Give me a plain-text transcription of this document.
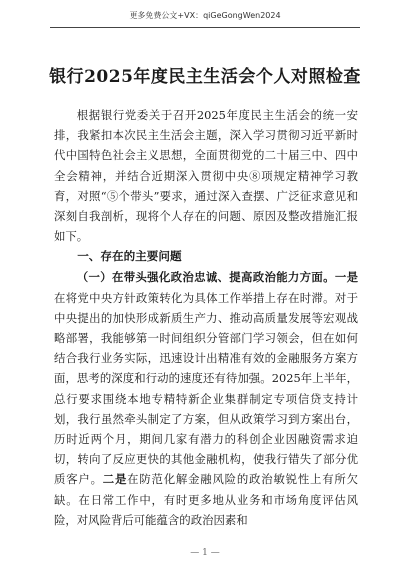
更多免费公文+VX：qiGeGongWen2024
银行2025年度民主生活会个人对照检查

根据银行党委关于召开2025年度民主生活会的统一安排，我紧扣本次民主生活会主题，深入学习贯彻习近平新时代中国特色社会主义思想，全面贯彻党的二十届三中、四中全会精神，并结合近期深入贯彻中央⑧项规定精神学习教育，对照“⑤个带头”要求，通过深入查摆、广泛征求意见和深刻自我剖析，现将个人存在的问题、原因及整改措施汇报如下。

一、存在的主要问题

（一）在带头强化政治忠诚、提高政治能力方面。一是在将党中央方针政策转化为具体工作举措上存在时滞。对于中央提出的加快形成新质生产力、推动高质量发展等宏观战略部署，我能够第一时间组织分管部门学习领会，但在如何结合我行业务实际，迅速设计出精准有效的金融服务方案方面，思考的深度和行动的速度还有待加强。2025年上半年，总行要求围绕本地专精特新企业集群制定专项信贷支持计划，我行虽然牵头制定了方案，但从政策学习到方案出台，历时近两个月，期间几家有潜力的科创企业因融资需求迫切，转向了反应更快的其他金融机构，使我行错失了部分优质客户。二是在防范化解金融风险的政治敏锐性上有所欠缺。在日常工作中，有时更多地从业务和市场角度评估风险，对风险背后可能蕴含的政治因素和

— 1 —
